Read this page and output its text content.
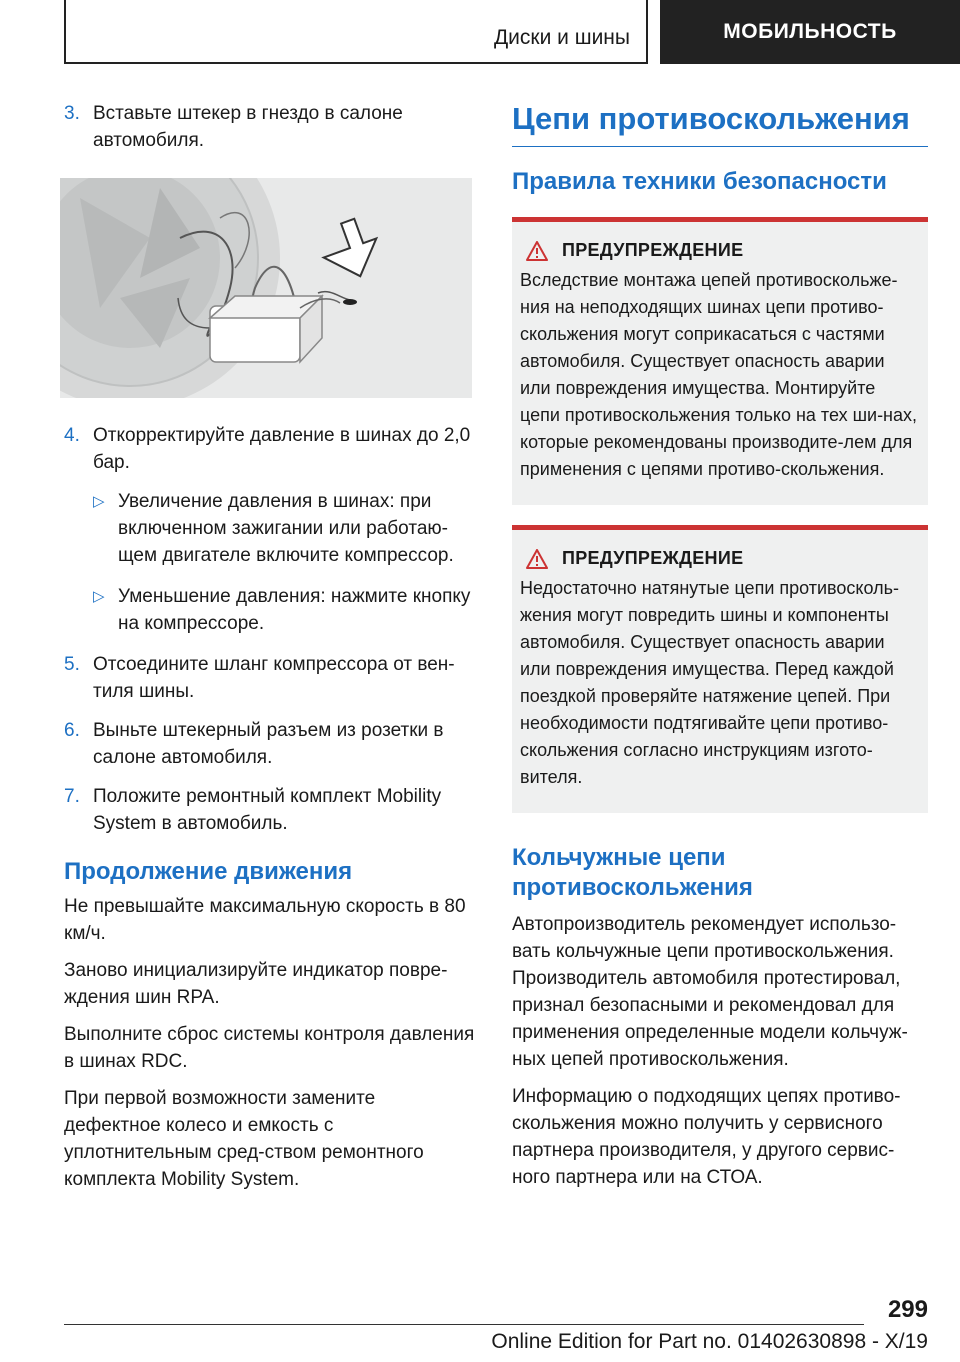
Диски и шины	МОБИЛЬНОСТЬ
3. Вставьте штекер в гнездо в салоне автомобиля.
4. Откорректируйте давление в шинах до 2,0 бар.
▷ Увеличение давления в шинах: при включенном зажигании или работаю-щем двигателе включите компрессор.
▷ Уменьшение давления: нажмите кнопку на компрессоре.
5. Отсоедините шланг компрессора от вен-тиля шины.
6. Выньте штекерный разъем из розетки в салоне автомобиля.
7. Положите ремонтный комплект Mobility System в автомобиль.
Продолжение движения

Не превышайте максимальную скорость в 80 км/ч.

Заново инициализируйте индикатор повре-ждения шин RPA.

Выполните сброс системы контроля давления в шинах RDC.

При первой возможности замените дефектное колесо и емкость с уплотнительным сред-ством ремонтного комплекта Mobility System.

Цепи противоскольжения
Правила техники безопасности
ПРЕДУПРЕЖДЕНИЕ

Вследствие монтажа цепей противоскольже-ния на неподходящих шинах цепи противо-скольжения могут соприкасаться с частями автомобиля. Существует опасность аварии или повреждения имущества. Монтируйте цепи противоскольжения только на тех ши-нах, которые рекомендованы производите-лем для применения с цепями противо-скольжения.

ПРЕДУПРЕЖДЕНИЕ

Недостаточно натянутые цепи противосколь-жения могут повредить шины и компоненты автомобиля. Существует опасность аварии или повреждения имущества. Перед каждой поездкой проверяйте натяжение цепей. При необходимости подтягивайте цепи противо-скольжения согласно инструкциям изгото-вителя.

Кольчужные цепи противоскольжения

Автопроизводитель рекомендует использо-вать кольчужные цепи противоскольжения. Производитель автомобиля протестировал, признал безопасными и рекомендовал для применения определенные модели кольчуж-ных цепей противоскольжения.

Информацию о подходящих цепях противо-скольжения можно получить у сервисного партнера производителя, у другого сервис-ного партнера или на СТОА.

299
Online Edition for Part no. 01402630898 - X/19
